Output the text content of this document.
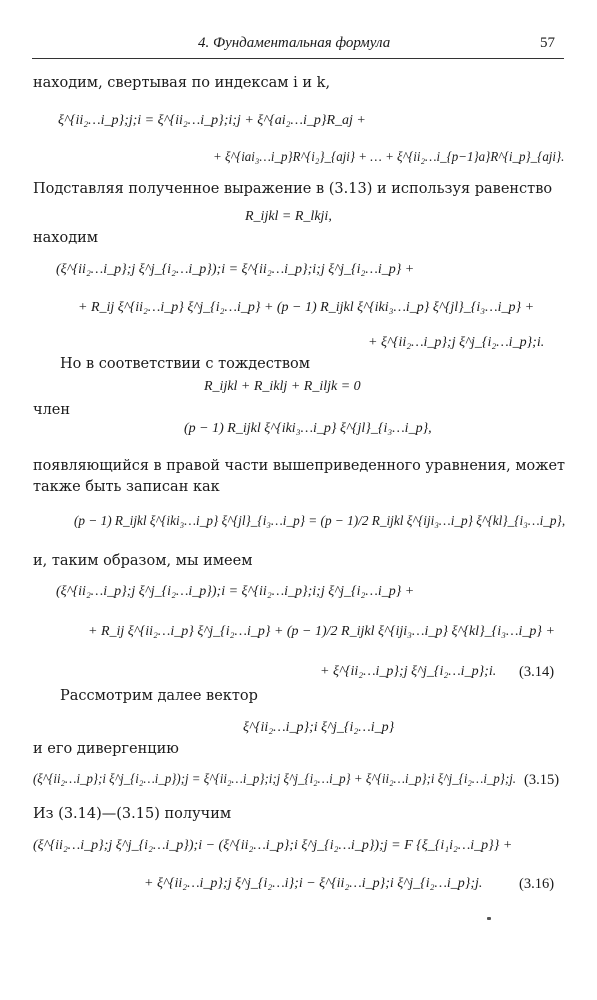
4. Фундаментальная формула	57
находим, свертывая по индексам i и k,
ξ^{ii₂…i_p};j;i = ξ^{ii₂…i_p};i;j + ξ^{ai₂…i_p}R_aj +
+ ξ^{iai₃…i_p}R^{i₂}_{aji} + … + ξ^{ii₂…i_{p−1}a}R^{i_p}_{aji}.
Подставляя полученное выражение в (3.13) и используя равенство
R_ijkl = R_lkji,
находим
(ξ^{ii₂…i_p};j ξ^j_{i₂…i_p});i = ξ^{ii₂…i_p};i;j ξ^j_{i₂…i_p} +
+ R_ij ξ^{ii₂…i_p} ξ^j_{i₂…i_p} + (p − 1) R_ijkl ξ^{iki₃…i_p} ξ^{jl}_{i₃…i_p} +
+ ξ^{ii₂…i_p};j ξ^j_{i₂…i_p};i.
Но в соответствии с тождеством
R_ijkl + R_iklj + R_iljk = 0
член
(p − 1) R_ijkl ξ^{iki₃…i_p} ξ^{jl}_{i₃…i_p},
появляющийся в правой части вышеприведенного уравнения, может
также быть записан как
(p − 1) R_ijkl ξ^{iki₃…i_p} ξ^{jl}_{i₃…i_p} = (p − 1)/2 R_ijkl ξ^{iji₃…i_p} ξ^{kl}_{i₃…i_p},
и, таким образом, мы имеем
(ξ^{ii₂…i_p};j ξ^j_{i₂…i_p});i = ξ^{ii₂…i_p};i;j ξ^j_{i₂…i_p} +
+ R_ij ξ^{ii₂…i_p} ξ^j_{i₂…i_p} + (p − 1)/2 R_ijkl ξ^{iji₃…i_p} ξ^{kl}_{i₃…i_p} +
+ ξ^{ii₂…i_p};j ξ^j_{i₂…i_p};i. (3.14)
Рассмотрим далее вектор
ξ^{ii₂…i_p};i ξ^j_{i₂…i_p}
и его дивергенцию
(ξ^{ii₂…i_p};i ξ^j_{i₂…i_p});j = ξ^{ii₂…i_p};i;j ξ^j_{i₂…i_p} + ξ^{ii₂…i_p};i ξ^j_{i₂…i_p};j. (3.15)
Из (3.14)—(3.15) получим
(ξ^{ii₂…i_p};j ξ^j_{i₂…i_p});i − (ξ^{ii₂…i_p};i ξ^j_{i₂…i_p});j = F {ξ_{i₁i₂…i_p}} +
+ ξ^{ii₂…i_p};j ξ^j_{i₂…i};i − ξ^{ii₂…i_p};i ξ^j_{i₂…i_p};j.	(3.16)
